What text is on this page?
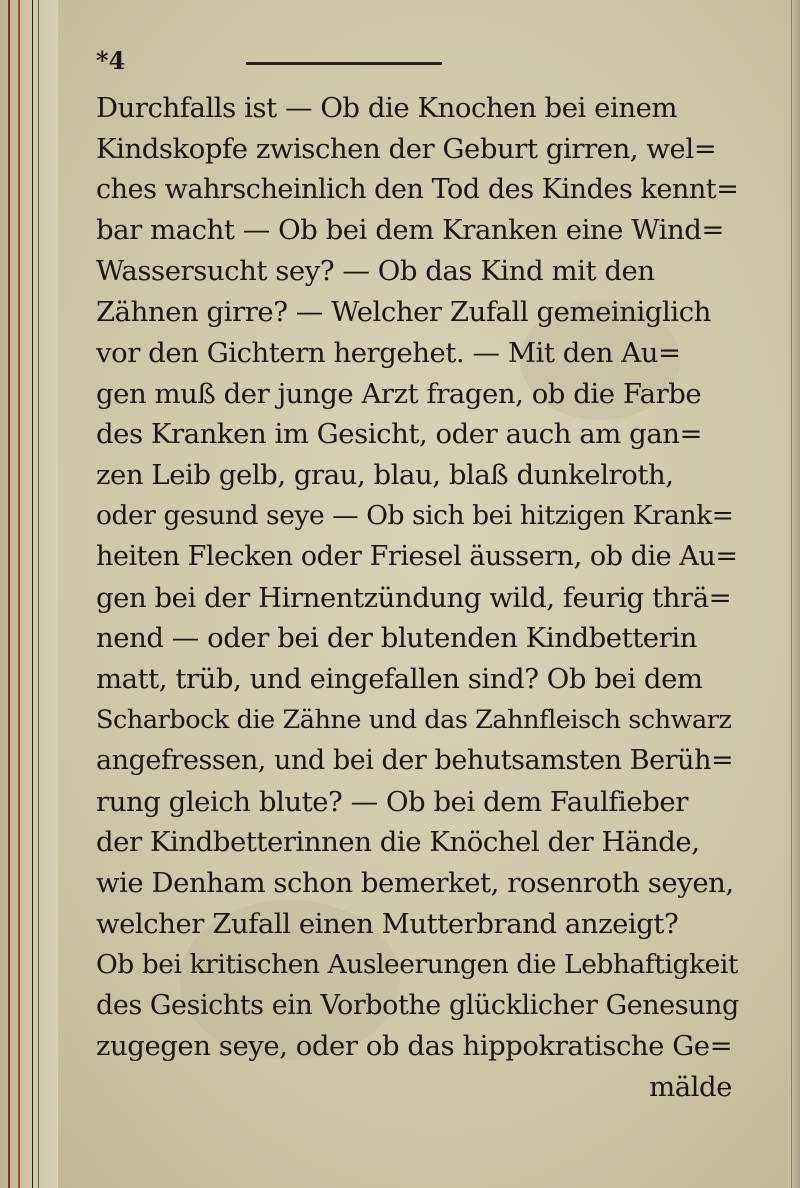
*4
Durchfalls ist — Ob die Knochen bei einem
Kindskopfe zwischen der Geburt girren, wel=
ches wahrscheinlich den Tod des Kindes kennt=
bar macht — Ob bei dem Kranken eine Wind=
Wassersucht sey? — Ob das Kind mit den
Zähnen girre? — Welcher Zufall gemeiniglich
vor den Gichtern hergehet. — Mit den Au=
gen muß der junge Arzt fragen, ob die Farbe
des Kranken im Gesicht, oder auch am gan=
zen Leib gelb, grau, blau, blaß dunkelroth,
oder gesund seye — Ob sich bei hitzigen Krank=
heiten Flecken oder Friesel äussern, ob die Au=
gen bei der Hirnentzündung wild, feurig thrä=
nend — oder bei der blutenden Kindbetterin
matt, trüb, und eingefallen sind? Ob bei dem
Scharbock die Zähne und das Zahnfleisch schwarz
angefressen, und bei der behutsamsten Berüh=
rung gleich blute? — Ob bei dem Faulfieber
der Kindbetterinnen die Knöchel der Hände,
wie Denham schon bemerket, rosenroth seyen,
welcher Zufall einen Mutterbrand anzeigt?
Ob bei kritischen Ausleerungen die Lebhaftigkeit
des Gesichts ein Vorbothe glücklicher Genesung
zugegen seye, oder ob das hippokratische Ge=
mälde
